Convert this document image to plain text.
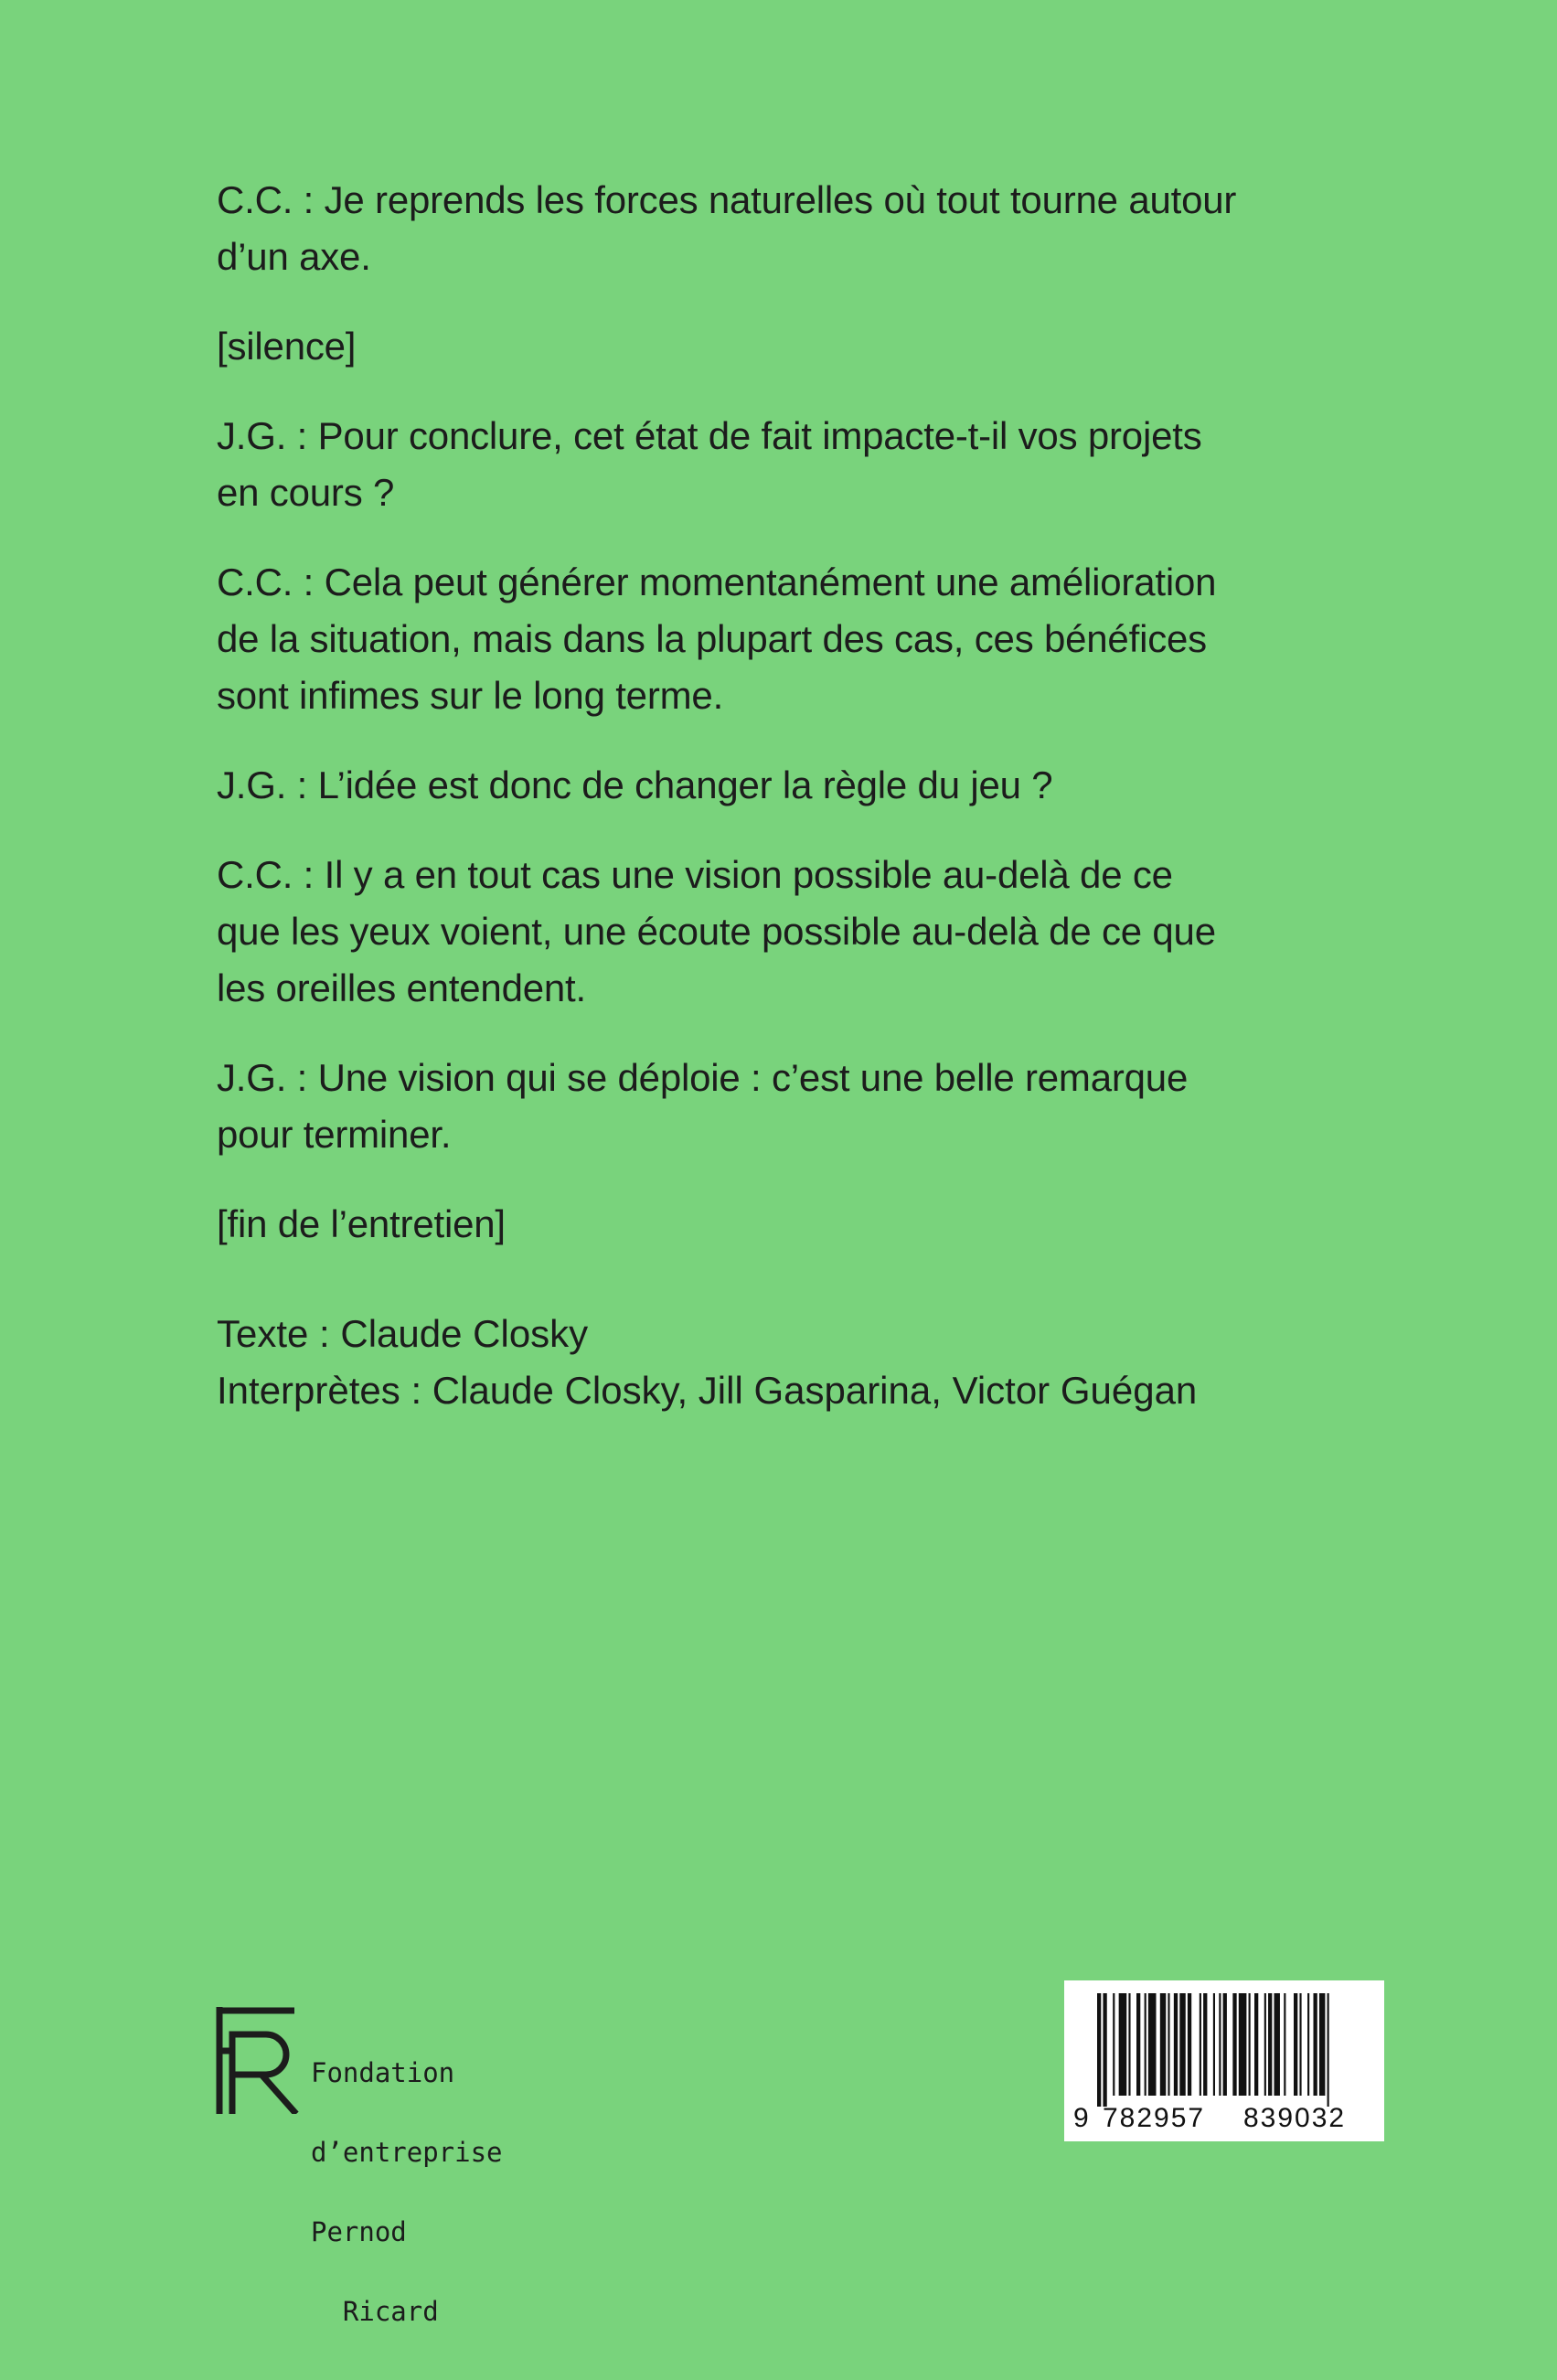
C.C. : Je reprends les forces naturelles où tout tourne autour
d’un axe.

[silence]

J.G. : Pour conclure, cet état de fait impacte-t-il vos projets
en cours ?

C.C. : Cela peut générer momentanément une amélioration
de la situation, mais dans la plupart des cas, ces bénéfices
sont infimes sur le long terme.

J.G. : L’idée est donc de changer la règle du jeu ?

C.C. : Il y a en tout cas une vision possible au-delà de ce
que les yeux voient, une écoute possible au-delà de ce que
les oreilles entendent.

J.G. : Une vision qui se déploie : c’est une belle remarque
pour terminer.

[fin de l’entretien]

Texte : Claude Closky

Interprètes : Claude Closky, Jill Gasparina, Victor Guégan

Fondation

d’entreprise

Pernod

Ricard

9 782957 839032
